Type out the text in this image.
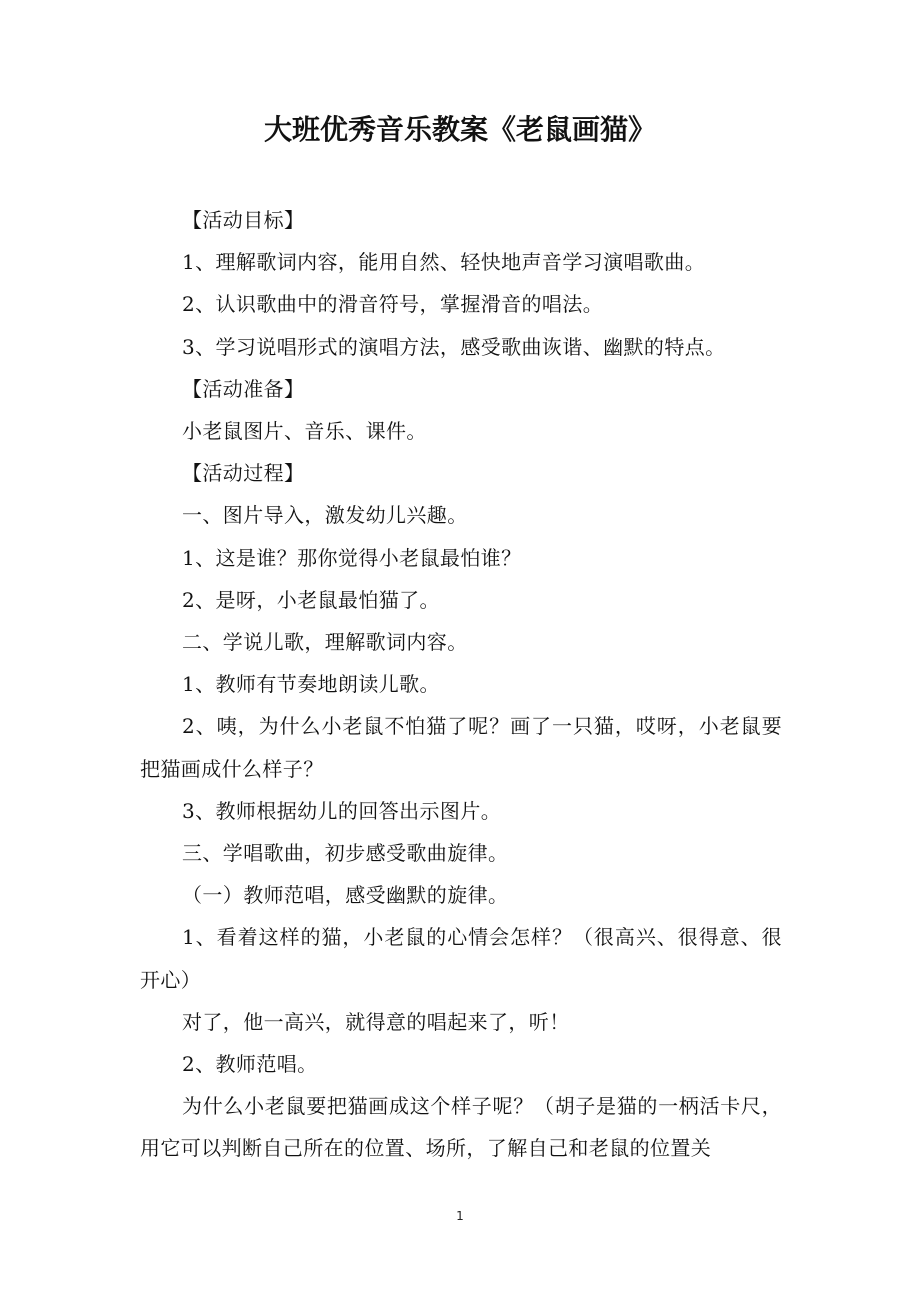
大班优秀音乐教案《老鼠画猫》

【活动目标】

1、理解歌词内容，能用自然、轻快地声音学习演唱歌曲。

2、认识歌曲中的滑音符号，掌握滑音的唱法。

3、学习说唱形式的演唱方法，感受歌曲诙谐、幽默的特点。

【活动准备】

小老鼠图片、音乐、课件。

【活动过程】

一、图片导入，激发幼儿兴趣。

1、这是谁？那你觉得小老鼠最怕谁？

2、是呀，小老鼠最怕猫了。

二、学说儿歌，理解歌词内容。

1、教师有节奏地朗读儿歌。

2、咦，为什么小老鼠不怕猫了呢？画了一只猫，哎呀，小老鼠要把猫画成什么样子？

3、教师根据幼儿的回答出示图片。

三、学唱歌曲，初步感受歌曲旋律。

（一）教师范唱，感受幽默的旋律。

1、看着这样的猫，小老鼠的心情会怎样？（很高兴、很得意、很开心）

对了，他一高兴，就得意的唱起来了，听！

2、教师范唱。

为什么小老鼠要把猫画成这个样子呢？（胡子是猫的一柄活卡尺，用它可以判断自己所在的位置、场所，了解自己和老鼠的位置关

1
